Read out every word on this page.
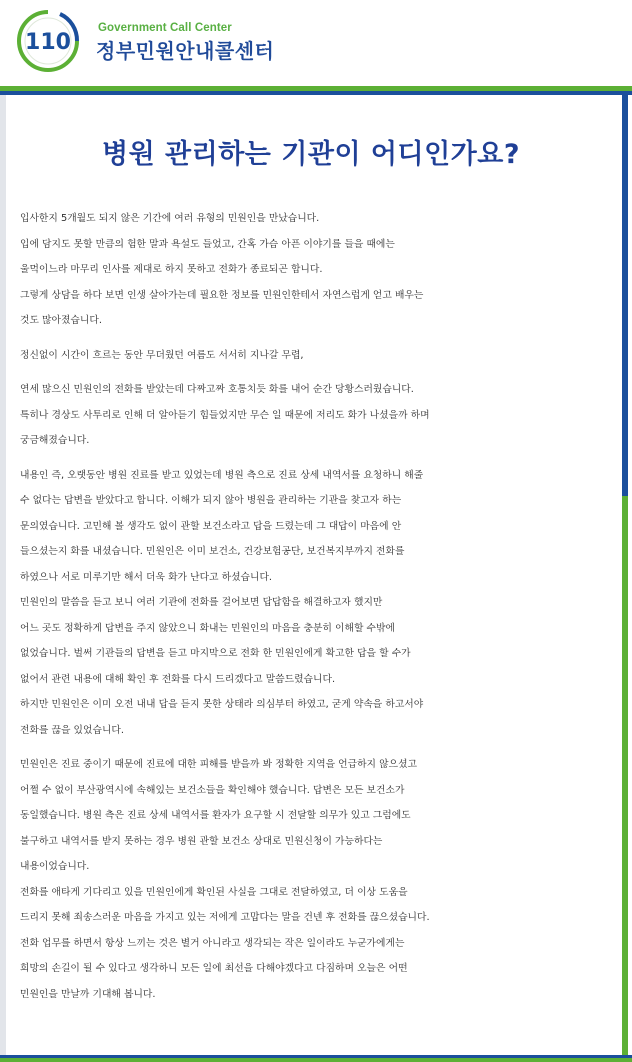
110
Government Call Center
정부민원안내콜센터
병원 관리하는 기관이 어디인가요?
입사한지 5개월도 되지 않은 기간에 여러 유형의 민원인을 만났습니다.
입에 담지도 못할 만큼의 험한 말과 욕설도 들었고, 간혹 가슴 아픈 이야기를 들을 때에는
울먹이느라 마무리 인사를 제대로 하지 못하고 전화가 종료되곤 합니다.
그렇게 상담을 하다 보면 인생 살아가는데 필요한 정보를 민원인한테서 자연스럽게 얻고 배우는
것도 많아졌습니다.
정신없이 시간이 흐르는 동안 무더웠던 여름도 서서히 지나갈 무렵,
연세 많으신 민원인의 전화를 받았는데 다짜고짜 호통치듯 화를 내어 순간 당황스러웠습니다.
특히나 경상도 사투리로 인해 더 알아듣기 힘들었지만 무슨 일 때문에 저리도 화가 나셨을까 하며
궁금해졌습니다.
내용인 즉, 오랫동안 병원 진료를 받고 있었는데 병원 측으로 진료 상세 내역서를 요청하니 해줄
수 없다는 답변을 받았다고 합니다. 이해가 되지 않아 병원을 관리하는 기관을 찾고자 하는
문의였습니다. 고민해 볼 생각도 없이 관할 보건소라고 답을 드렸는데 그 대답이 마음에 안
들으셨는지 화를 내셨습니다. 민원인은 이미 보건소, 건강보험공단, 보건복지부까지 전화를
하였으나 서로 미루기만 해서 더욱 화가 난다고 하셨습니다.
민원인의 말씀을 듣고 보니 여러 기관에 전화를 걸어보면 답답함을 해결하고자 했지만
어느 곳도 정확하게 답변을 주지 않았으니 화내는 민원인의 마음을 충분히 이해할 수밖에
없었습니다. 벌써 기관들의 답변을 듣고 마지막으로 전화 한 민원인에게 확고한 답을 할 수가
없어서 관련 내용에 대해 확인 후 전화를 다시 드리겠다고 말씀드렸습니다.
하지만 민원인은 이미 오전 내내 답을 듣지 못한 상태라 의심부터 하였고, 굳게 약속을 하고서야
전화를 끊을 있었습니다.
민원인은 진료 중이기 때문에 진료에 대한 피해를 받을까 봐 정확한 지역을 언급하지 않으셨고
어쩔 수 없이 부산광역시에 속해있는 보건소들을 확인해야 했습니다. 답변은 모든 보건소가
동일했습니다. 병원 측은 진료 상세 내역서를 환자가 요구할 시 전달할 의무가 있고 그럼에도
불구하고 내역서를 받지 못하는 경우 병원 관할 보건소 상대로 민원신청이 가능하다는
내용이었습니다.
전화를 애타게 기다리고 있을 민원인에게 확인된 사실을 그대로 전달하였고, 더 이상 도움을
드리지 못해 죄송스러운 마음을 가지고 있는 저에게 고맙다는 말을 건넨 후 전화를 끊으셨습니다.
전화 업무를 하면서 항상 느끼는 것은 별거 아니라고 생각되는 작은 일이라도 누군가에게는
희망의 손길이 될 수 있다고 생각하니 모든 일에 최선을 다해야겠다고 다짐하며 오늘은 어떤
민원인을 만날까 기대해 봅니다.
